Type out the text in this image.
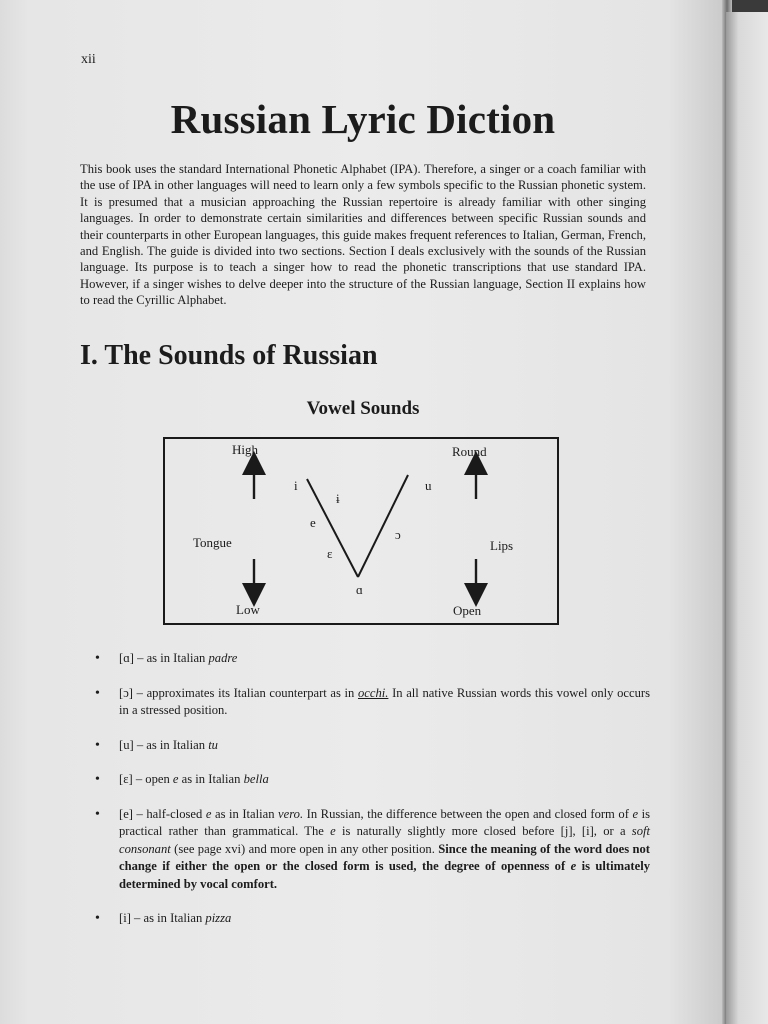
xii
Russian Lyric Diction
This book uses the standard International Phonetic Alphabet (IPA). Therefore, a singer or a coach familiar with the use of IPA in other languages will need to learn only a few symbols specific to the Russian phonetic system. It is presumed that a musician approaching the Russian repertoire is already familiar with other singing languages. In order to demonstrate certain similarities and differences between specific Russian sounds and their counterparts in other European languages, this guide makes frequent references to Italian, German, French, and English. The guide is divided into two sections. Section I deals exclusively with the sounds of the Russian language. Its purpose is to teach a singer how to read the phonetic transcriptions that use standard IPA. However, if a singer wishes to delve deeper into the structure of the Russian language, Section II explains how to read the Cyrillic Alphabet.
I. The Sounds of Russian
Vowel Sounds
High
Low
Tongue
Round
Open
Lips
i
ɨ
e
ɛ
ɑ
ɔ
u
• [ɑ] – as in Italian padre
• [ɔ] – approximates its Italian counterpart as in occhi. In all native Russian words this vowel only occurs in a stressed position.
• [u] – as in Italian tu
• [ɛ] – open e as in Italian bella
• [e] – half-closed e as in Italian vero. In Russian, the difference between the open and closed form of e is practical rather than grammatical. The e is naturally slightly more closed before [j], [i], or a soft consonant (see page xvi) and more open in any other position. Since the meaning of the word does not change if either the open or the closed form is used, the degree of openness of e is ultimately determined by vocal comfort.
• [i] – as in Italian pizza
